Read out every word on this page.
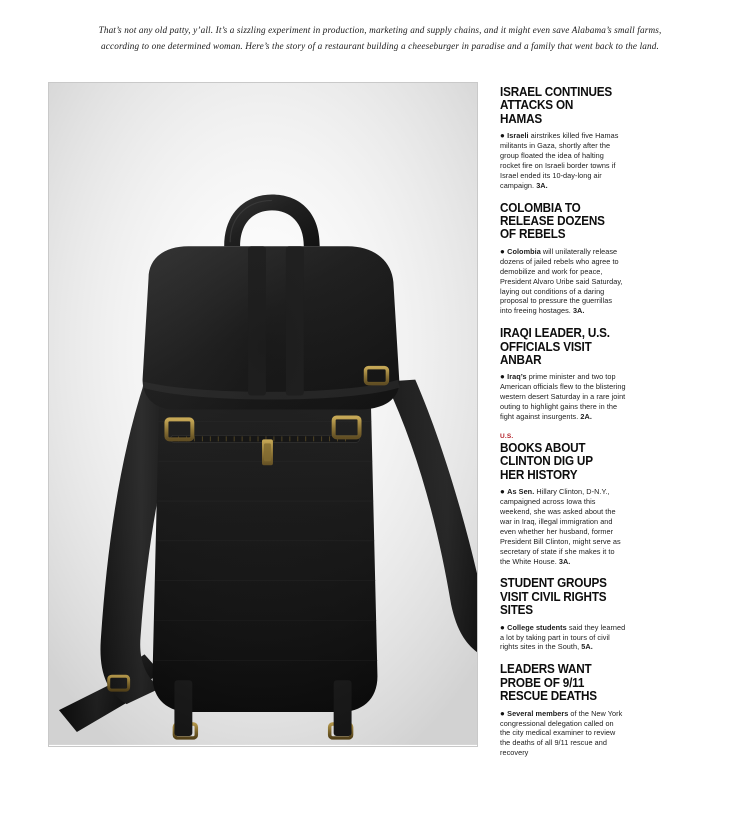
That’s not any old patty, y’all. It’s a sizzling experiment in production, marketing and supply chains, and it might even save Alabama’s small farms,
according to one determined woman. Here’s the story of a restaurant building a cheeseburger in paradise and a family that went back to the land.
ISRAEL CONTINUES ATTACKS ON HAMAS

● Israeli airstrikes killed five Hamas militants in Gaza, shortly after the group floated the idea of halting rocket fire on Israeli border towns if Israel ended its 10-day-long air campaign. 3A.

COLOMBIA TO RELEASE DOZENS OF REBELS

● Colombia will unilaterally release dozens of jailed rebels who agree to demobilize and work for peace, President Alvaro Uribe said Saturday, laying out conditions of a daring proposal to pressure the guerrillas into freeing hostages. 3A.

IRAQI LEADER, U.S. OFFICIALS VISIT ANBAR

● Iraq’s prime minister and two top American officials flew to the blistering western desert Saturday in a rare joint outing to highlight gains there in the fight against insurgents. 2A.

U.S.
BOOKS ABOUT CLINTON DIG UP HER HISTORY

● As Sen. Hillary Clinton, D-N.Y., campaigned across Iowa this weekend, she was asked about the war in Iraq, illegal immigration and even whether her husband, former President Bill Clinton, might serve as secretary of state if she makes it to the White House. 3A.

STUDENT GROUPS VISIT CIVIL RIGHTS SITES

● College students said they learned a lot by taking part in tours of civil rights sites in the South, 5A.

LEADERS WANT PROBE OF 9/11 RESCUE DEATHS

● Several members of the New York congressional delegation called on the city medical examiner to review the deaths of all 9/11 rescue and recovery
